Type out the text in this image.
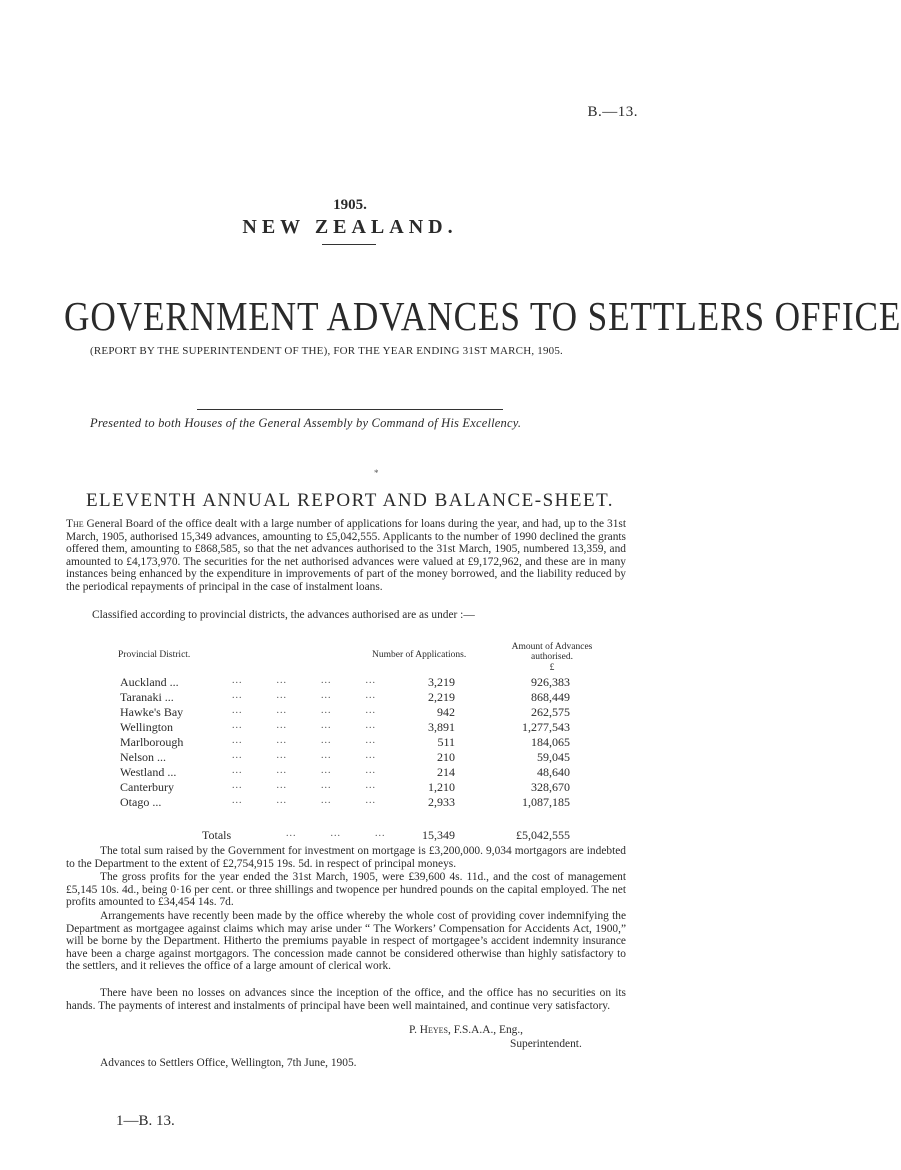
B.—13.
1905.
NEW ZEALAND.
GOVERNMENT ADVANCES TO SETTLERS OFFICE
(REPORT BY THE SUPERINTENDENT OF THE), FOR THE YEAR ENDING 31ST MARCH, 1905.
Presented to both Houses of the General Assembly by Command of His Excellency.
*
ELEVENTH ANNUAL REPORT AND BALANCE-SHEET.

The General Board of the office dealt with a large number of applications for loans during the year, and had, up to the 31st March, 1905, authorised 15,349 advances, amounting to £5,042,555. Applicants to the number of 1990 declined the grants offered them, amounting to £868,585, so that the net advances authorised to the 31st March, 1905, numbered 13,359, and amounted to £4,173,970. The securities for the net authorised advances were valued at £9,172,962, and these are in many instances being enhanced by the expenditure in improvements of part of the money borrowed, and the liability reduced by the periodical repayments of principal in the case of instalment loans.

Classified according to provincial districts, the advances authorised are as under :—
Provincial District.	Number of Applications.
Amount of Advances authorised.
£
Auckland ...	...	...	...	...	3,219	926,383
Taranaki ...	...	...	...	...	2,219	868,449
Hawke's Bay	...	...	...	...	942	262,575
Wellington	...	...	...	...	3,891	1,277,543
Marlborough	...	...	...	...	511	184,065
Nelson ...	...	...	...	...	210	59,045
Westland ...	...	...	...	...	214	48,640
Canterbury	...	...	...	...	1,210	328,670
Otago ...	...	...	...	...	2,933	1,087,185
Totals	...	...	...	15,349	£5,042,555

The total sum raised by the Government for investment on mortgage is £3,200,000. 9,034 mortgagors are indebted to the Department to the extent of £2,754,915 19s. 5d. in respect of principal moneys.

The gross profits for the year ended the 31st March, 1905, were £39,600 4s. 11d., and the cost of management £5,145 10s. 4d., being 0·16 per cent. or three shillings and twopence per hundred pounds on the capital employed. The net profits amounted to £34,454 14s. 7d.

Arrangements have recently been made by the office whereby the whole cost of providing cover indemnifying the Department as mortgagee against claims which may arise under “ The Workers’ Compensation for Accidents Act, 1900,” will be borne by the Department. Hitherto the premiums payable in respect of mortgagee’s accident indemnity insurance have been a charge against mortgagors. The concession made cannot be considered otherwise than highly satisfactory to the settlers, and it relieves the office of a large amount of clerical work.

There have been no losses on advances since the inception of the office, and the office has no securities on its hands. The payments of interest and instalments of principal have been well maintained, and continue very satisfactory.

P. Heyes, F.S.A.A., Eng.,
Superintendent.
Advances to Settlers Office, Wellington, 7th June, 1905.
1—B. 13.
